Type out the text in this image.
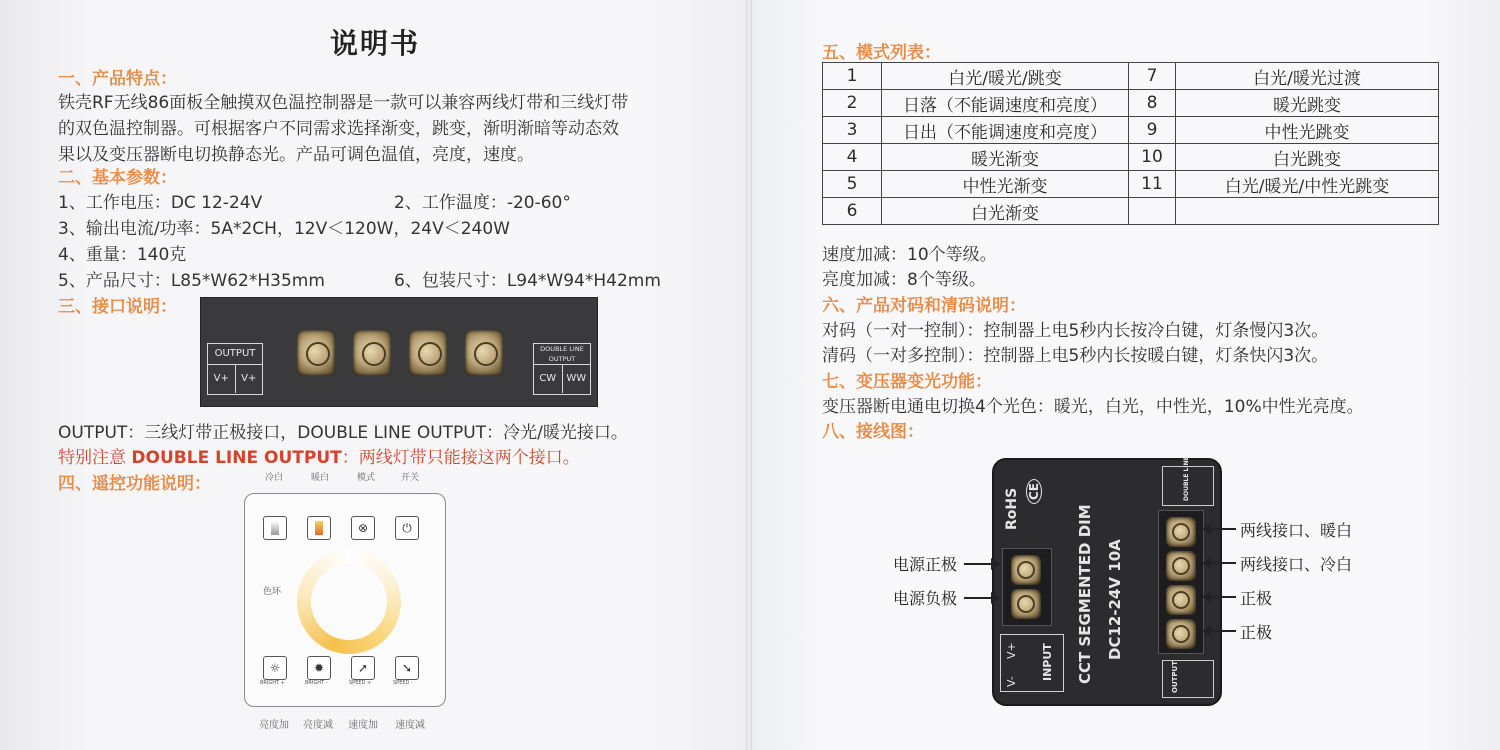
说明书
一、产品特点：
铁壳RF无线86面板全触摸双色温控制器是一款可以兼容两线灯带和三线灯带
的双色温控制器。可根据客户不同需求选择渐变，跳变，渐明渐暗等动态效
果以及变压器断电切换静态光。产品可调色温值，亮度，速度。
二、基本参数：
1、工作电压：DC 12-24V	2、工作温度：-20-60°
3、输出电流/功率：5A*2CH，12V＜120W，24V＜240W
4、重量：140克
5、产品尺寸：L85*W62*H35mm	6、包装尺寸：L94*W94*H42mm
三、接口说明：
OUTPUT
V+	V+
DOUBLE LINE OUTPUT
CW	WW
OUTPUT：三线灯带正极接口，DOUBLE LINE OUTPUT：冷光/暖光接口。
特别注意 DOUBLE LINE OUTPUT：两线灯带只能接这两个接口。
四、遥控功能说明：	冷白	暖白	模式	开关
⊗	⏻
色环
☼	✹	➚	➘
BRIGHT +	BRIGHT -	SPEED +	SPEED -
亮度加 亮度减 速度加 速度减
五、模式列表：
1	白光/暖光/跳变	7	白光/暖光过渡
2	日落（不能调速度和亮度）	8	暖光跳变
3	日出（不能调速度和亮度）	9	中性光跳变
4	暖光渐变	10	白光跳变
5	中性光渐变	11	白光/暖光/中性光跳变
6	白光渐变		
速度加减：10个等级。
亮度加减：8个等级。
六、产品对码和清码说明：
对码（一对一控制）：控制器上电5秒内长按冷白键，灯条慢闪3次。
清码（一对多控制）：控制器上电5秒内长按暖白键，灯条快闪3次。
七、变压器变光功能：
变压器断电通电切换4个光色：暖光，白光，中性光，10%中性光亮度。
八、接线图：
RoHS CE
CCT SEGMENTED DIM DC12-24V 10A
INPUT
V+
V-
DOUBLE LINE
OUTPUT
电源正极
电源负极
两线接口、暖白
两线接口、冷白
正极
正极
